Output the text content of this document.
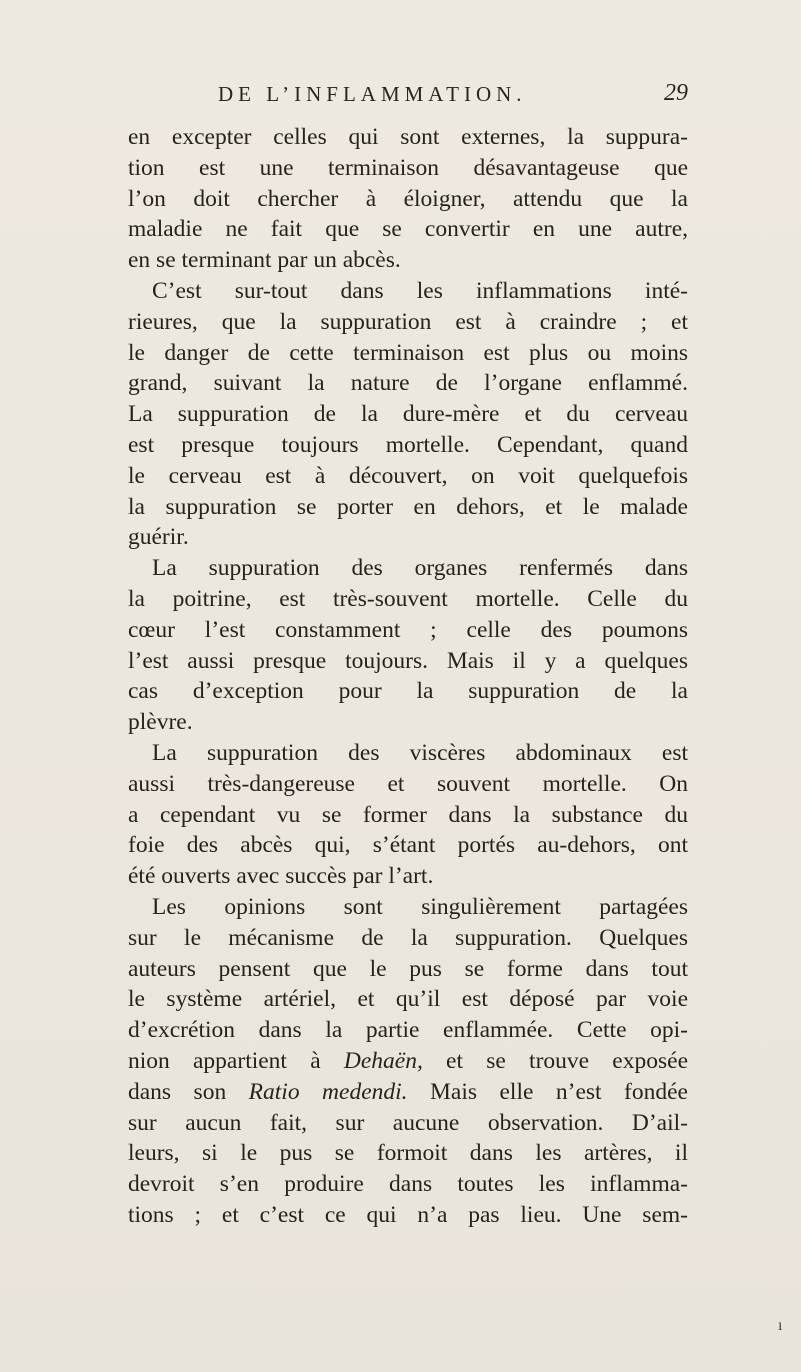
DE L’INFLAMMATION.	29
en excepter celles qui sont externes, la suppura-
tion est une terminaison désavantageuse que
l’on doit chercher à éloigner, attendu que la
maladie ne fait que se convertir en une autre,
en se terminant par un abcès.
C’est sur-tout dans les inflammations inté-
rieures, que la suppuration est à craindre ; et
le danger de cette terminaison est plus ou moins
grand, suivant la nature de l’organe enflammé.
La suppuration de la dure-mère et du cerveau
est presque toujours mortelle. Cependant, quand
le cerveau est à découvert, on voit quelquefois
la suppuration se porter en dehors, et le malade
guérir.
La suppuration des organes renfermés dans
la poitrine, est très-souvent mortelle. Celle du
cœur l’est constamment ; celle des poumons
l’est aussi presque toujours. Mais il y a quelques
cas d’exception pour la suppuration de la
plèvre.
La suppuration des viscères abdominaux est
aussi très-dangereuse et souvent mortelle. On
a cependant vu se former dans la substance du
foie des abcès qui, s’étant portés au-dehors, ont
été ouverts avec succès par l’art.
Les opinions sont singulièrement partagées
sur le mécanisme de la suppuration. Quelques
auteurs pensent que le pus se forme dans tout
le système artériel, et qu’il est déposé par voie
d’excrétion dans la partie enflammée. Cette opi-
nion appartient à Dehaën, et se trouve exposée
dans son Ratio medendi. Mais elle n’est fondée
sur aucun fait, sur aucune observation. D’ail-
leurs, si le pus se formoit dans les artères, il
devroit s’en produire dans toutes les inflamma-
tions ; et c’est ce qui n’a pas lieu. Une sem-
ı
